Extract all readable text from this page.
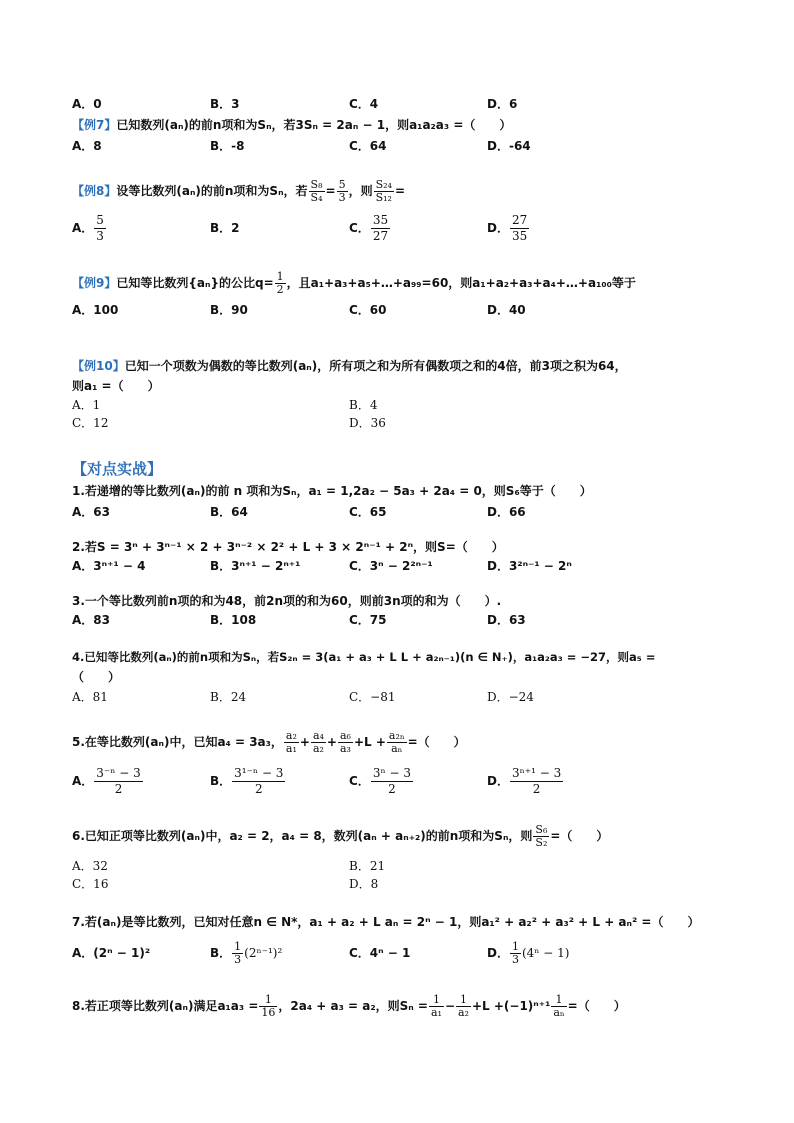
A．0	B．3	C．4	D．6
【例7】已知数列(aₙ)的前n项和为Sₙ，若3Sₙ = 2aₙ − 1，则a₁a₂a₃ =（　　）
A．8	B．-8	C．64	D．-64
【例8】设等比数列(aₙ)的前n项和为Sₙ，若 $\frac{\text{S₈}}{\text{S₄}} = \frac{5}{3}$ ，则 $\frac{\text{S₂₄}}{\text{S₁₂}}$ =
A． $\frac{5}{3}$	B．2	C． $\frac{35}{27}$	D． $\frac{27}{35}$
【例9】已知等比数列{aₙ}的公比$q= \frac{1}{2}$ ，且a₁+a₃+a₅+…+a₉₉=60，则a₁+a₂+a₃+a₄+…+a₁₀₀等于
A．100	B．90	C．60	D．40
【例10】已知一个项数为偶数的等比数列(aₙ)，所有项之和为所有偶数项之和的4倍，前3项之积为64，
则a₁ =（　　）
A．1	B．4
C．12	D．36
【对点实战】
1.若递增的等比数列(aₙ)的前 n 项和为Sₙ，a₁ = 1,2a₂ − 5a₃ + 2a₄ = 0，则S₆等于（　　）
A．63	B．64	C．65	D．66
2.若S = 3ⁿ + 3ⁿ⁻¹ × 2 + 3ⁿ⁻² × 2² + L + 3 × 2ⁿ⁻¹ + 2ⁿ，则S=（　　）
A．3ⁿ⁺¹ − 4	B．3ⁿ⁺¹ − 2ⁿ⁺¹	C．3ⁿ − 2²ⁿ⁻¹	D．3²ⁿ⁻¹ − 2ⁿ
3.一个等比数列前n项的和为48，前2n项的和为60，则前3n项的和为（　　）.
A．83	B．108	C．75	D．63
4.已知等比数列(aₙ)的前n项和为Sₙ，若S₂ₙ = 3(a₁ + a₃ + L L + a₂ₙ₋₁)(n ∈ N₊)，a₁a₂a₃ = −27，则a₅ =
（　　）
A．81	B．24	C．−81	D．−24
5.在等比数列(aₙ)中，已知a₄ = 3a₃， $\frac{\text{a₂}}{\text{a₁}} + \frac{\text{a₄}}{\text{a₂}} + \frac{\text{a₆}}{\text{a₃}} +L + \frac{\text{a₂ₙ}}{\text{aₙ}}$ =（　　）
A． $\frac{\text{3⁻ⁿ − 3}}{2}$	B． $\frac{\text{3¹⁻ⁿ − 3}}{2}$	C． $\frac{\text{3ⁿ − 3}}{2}$	D． $\frac{\text{3ⁿ⁺¹ − 3}}{2}$
6.已知正项等比数列(aₙ)中，a₂ = 2，a₄ = 8，数列(aₙ + aₙ₊₂)的前n项和为Sₙ，则 $\frac{\text{S₆}}{\text{S₂}}$ =（　　）
A．32	B．21
C．16	D．8
7.若(aₙ)是等比数列，已知对任意n ∈ N*，a₁ + a₂ + L aₙ = 2ⁿ − 1，则a₁² + a₂² + a₃² + L + aₙ² =（　　）
A．(2ⁿ − 1)²	B． $\frac{1}{3} (2^{n-1})^2$	C．4ⁿ − 1	D． $\frac{1}{3} (4^n - 1)$
8.若正项等比数列(aₙ)满足$a_1a_3 = \frac{1}{16}$ ，2a₄ + a₃ = a₂，则$S_n = \frac{1}{\text{a₁}} - \frac{1}{\text{a₂}} +L +(-1)^{n+1} \frac{1}{\text{aₙ}}$ =（　　）
